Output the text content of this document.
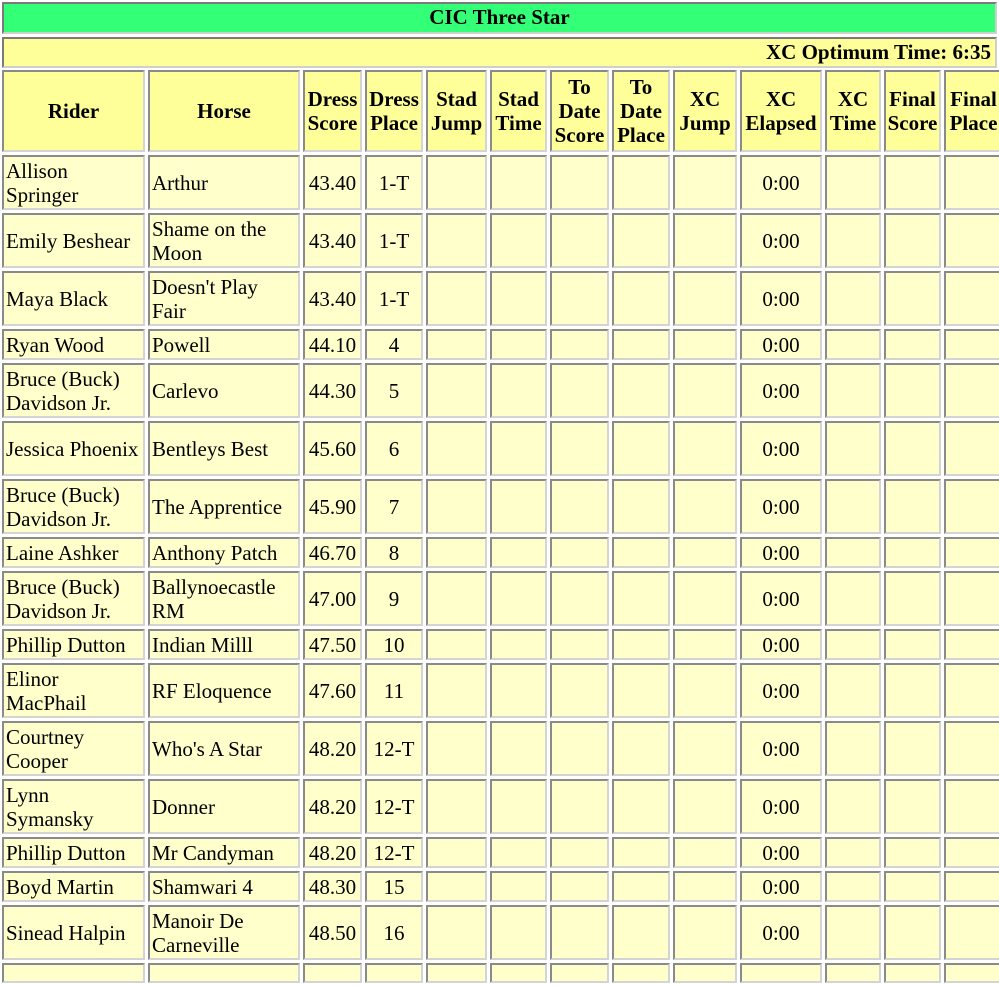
CIC Three Star
XC Optimum Time: 6:35
Rider	Horse	Dress Score	Dress Place	Stad Jump	Stad Time	To Date Score	To Date Place	XC Jump	XC Elapsed	XC Time	Final Score	Final Place
Allison Springer	Arthur	43.40	1-T						0:00			
Emily Beshear	Shame on the Moon	43.40	1-T						0:00			
Maya Black	Doesn't Play Fair	43.40	1-T						0:00			
Ryan Wood	Powell	44.10	4						0:00			
Bruce (Buck) Davidson Jr.	Carlevo	44.30	5						0:00			
Jessica Phoenix	Bentleys Best	45.60	6						0:00			
Bruce (Buck) Davidson Jr.	The Apprentice	45.90	7						0:00			
Laine Ashker	Anthony Patch	46.70	8						0:00			
Bruce (Buck) Davidson Jr.	Ballynoecastle RM	47.00	9						0:00			
Phillip Dutton	Indian Milll	47.50	10						0:00			
Elinor MacPhail	RF Eloquence	47.60	11						0:00			
Courtney Cooper	Who's A Star	48.20	12-T						0:00			
Lynn Symansky	Donner	48.20	12-T						0:00			
Phillip Dutton	Mr Candyman	48.20	12-T						0:00			
Boyd Martin	Shamwari 4	48.30	15						0:00			
Sinead Halpin	Manoir De Carneville	48.50	16						0:00			
